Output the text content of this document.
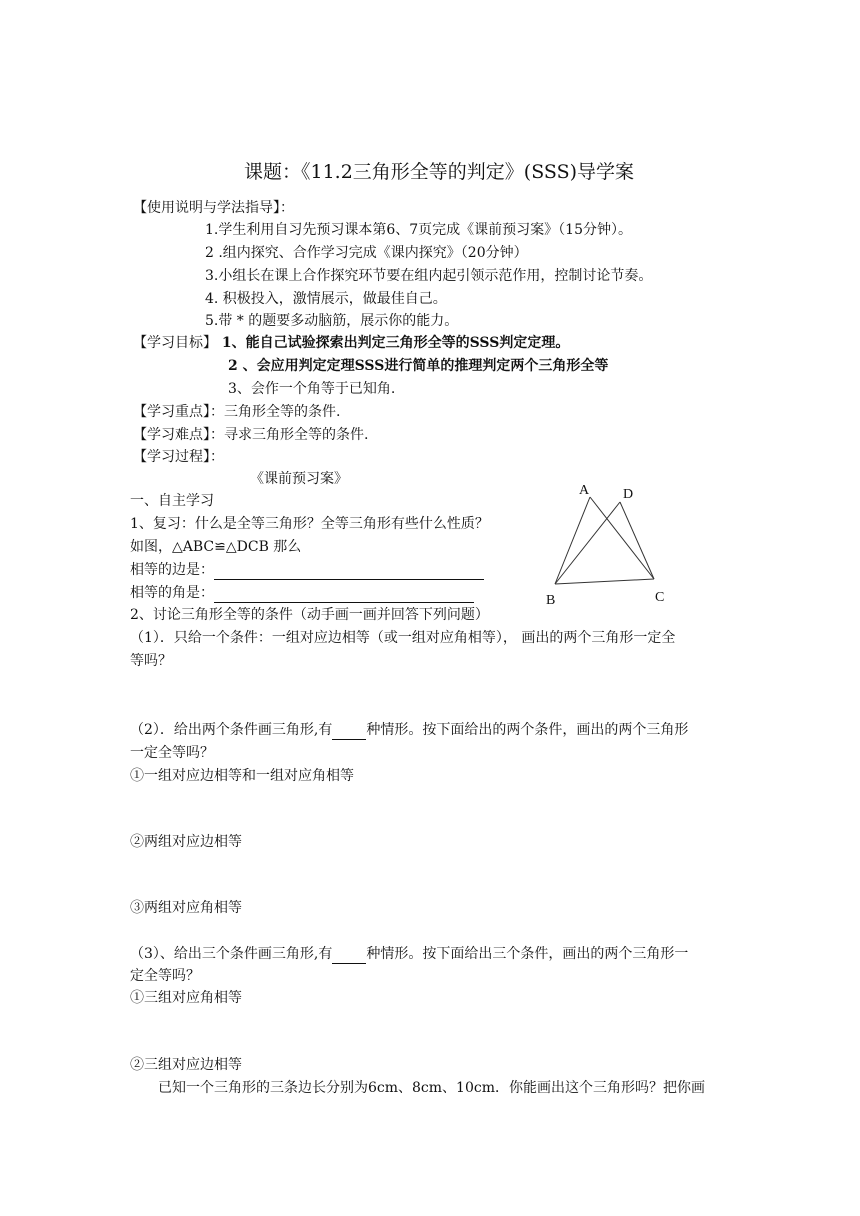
课题：《11.2三角形全等的判定》(SSS)导学案
【使用说明与学法指导】：
1.学生利用自习先预习课本第6、7页完成《课前预习案》（15分钟）。
2 .组内探究、合作学习完成《课内探究》（20分钟）
3.小组长在课上合作探究环节要在组内起引领示范作用，控制讨论节奏。
4. 积极投入，激情展示，做最佳自己。
5.带 * 的题要多动脑筋，展示你的能力。
【学习目标】 1、能自己试验探索出判定三角形全等的SSS判定定理。
2 、会应用判定定理SSS进行简单的推理判定两个三角形全等
3、会作一个角等于已知角.
【学习重点】：三角形全等的条件.
【学习难点】：寻求三角形全等的条件.
【学习过程】：
《课前预习案》
一、自主学习
1、复习：什么是全等三角形？全等三角形有些什么性质？
如图，△ABC≌△DCB 那么
相等的边是：
相等的角是：
A D
B	C
2、讨论三角形全等的条件（动手画一画并回答下列问题）
（1）．只给一个条件：一组对应边相等（或一组对应角相等）， 画出的两个三角形一定全
等吗？
（2）．给出两个条件画三角形,有 种情形。按下面给出的两个条件，画出的两个三角形
一定全等吗？
①一组对应边相等和一组对应角相等
②两组对应边相等
③两组对应角相等
（3）、给出三个条件画三角形,有 种情形。按下面给出三个条件，画出的两个三角形一
定全等吗？
①三组对应角相等
②三组对应边相等
已知一个三角形的三条边长分别为6cm、8cm、10cm．你能画出这个三角形吗？把你画
